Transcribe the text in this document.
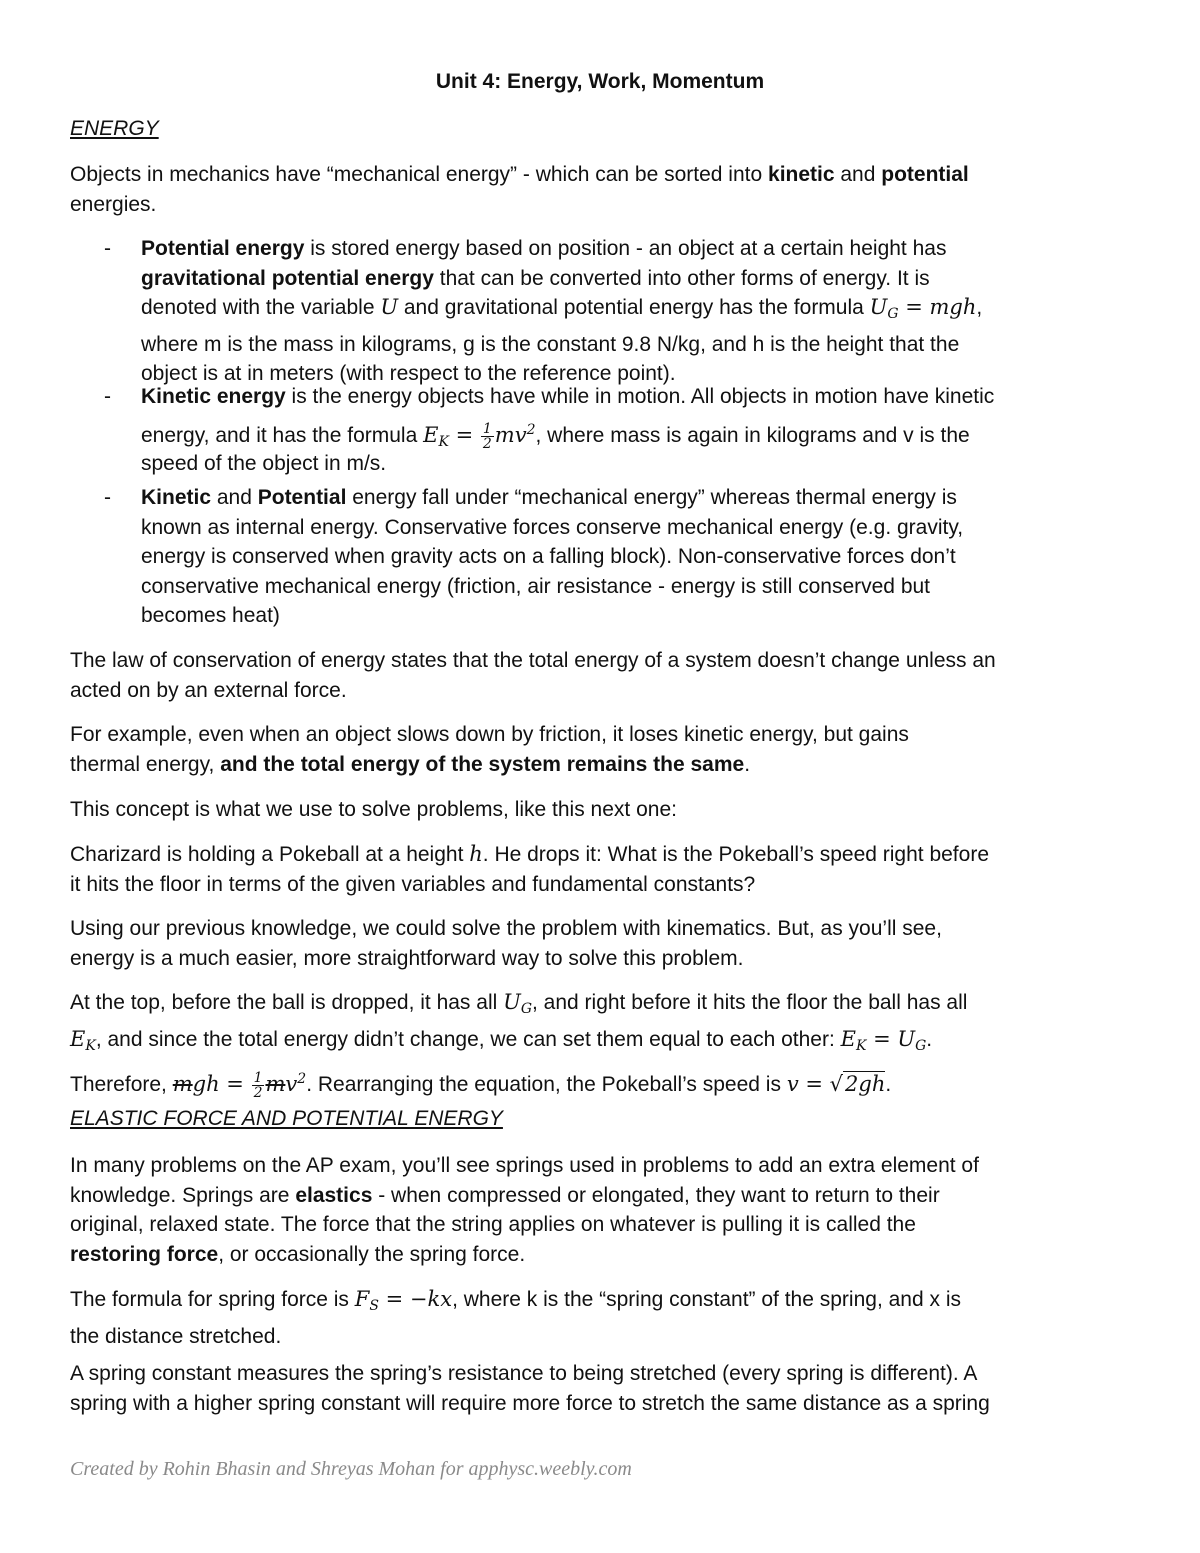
Unit 4: Energy, Work, Momentum
ENERGY
Objects in mechanics have “mechanical energy” - which can be sorted into kinetic and potential
energies.
-	Potential energy is stored energy based on position - an object at a certain height has
gravitational potential energy that can be converted into other forms of energy. It is
denoted with the variable U and gravitational potential energy has the formula $U_G$ = mgh,
where m is the mass in kilograms, g is the constant 9.8 N/kg, and h is the height that the
object is at in meters (with respect to the reference point).
-	Kinetic energy is the energy objects have while in motion. All objects in motion have kinetic

energy, and it has the formula $E_K = \frac{1}{2} mv^2$, where mass is again in kilograms and v is the
speed of the object in m/s.
-	Kinetic and Potential energy fall under “mechanical energy” whereas thermal energy is
known as internal energy. Conservative forces conserve mechanical energy (e.g. gravity,
energy is conserved when gravity acts on a falling block). Non-conservative forces don’t
conservative mechanical energy (friction, air resistance - energy is still conserved but
becomes heat)
The law of conservation of energy states that the total energy of a system doesn’t change unless an
acted on by an external force.
For example, even when an object slows down by friction, it loses kinetic energy, but gains
thermal energy, and the total energy of the system remains the same.
This concept is what we use to solve problems, like this next one:
Charizard is holding a Pokeball at a height h. He drops it: What is the Pokeball’s speed right before
it hits the floor in terms of the given variables and fundamental constants?
Using our previous knowledge, we could solve the problem with kinematics. But, as you’ll see,
energy is a much easier, more straightforward way to solve this problem.
At the top, before the ball is dropped, it has all $U_G$, and right before it hits the floor the ball has all
$E_K$, and since the total energy didn’t change, we can set them equal to each other: $E_K = U_G$.

Therefore, mgh = $\frac{1}{2} mv^2$. Rearranging the equation, the Pokeball’s speed is v = √2gh.
ELASTIC FORCE AND POTENTIAL ENERGY
In many problems on the AP exam, you’ll see springs used in problems to add an extra element of
knowledge. Springs are elastics - when compressed or elongated, they want to return to their
original, relaxed state. The force that the string applies on whatever is pulling it is called the
restoring force, or occasionally the spring force.
The formula for spring force is $F_S = -kx$, where k is the “spring constant” of the spring, and x is
the distance stretched.
A spring constant measures the spring’s resistance to being stretched (every spring is different). A
spring with a higher spring constant will require more force to stretch the same distance as a spring
Created by Rohin Bhasin and Shreyas Mohan for apphysc.weebly.com
